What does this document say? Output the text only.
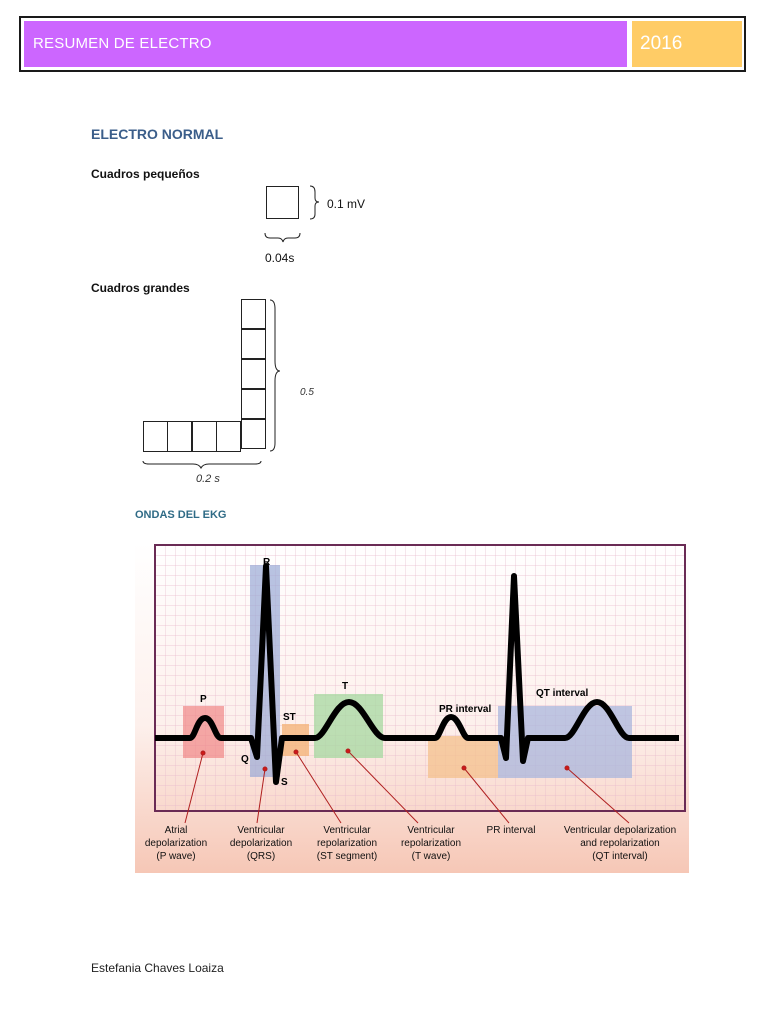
RESUMEN DE ELECTRO	2016
ELECTRO NORMAL
Cuadros pequeños
0.1 mV
0.04s
Cuadros grandes
0.5
0.2 s
ONDAS DEL EKG
P
R
Q
S
ST
T
PR interval
QT interval
Atrial
depolarization
(P wave)
Ventricular
depolarization
(QRS)
Ventricular
repolarization
(ST segment)
Ventricular
repolarization
(T wave)
PR interval	Ventricular depolarization
and repolarization
(QT interval)
Estefania Chaves Loaiza
